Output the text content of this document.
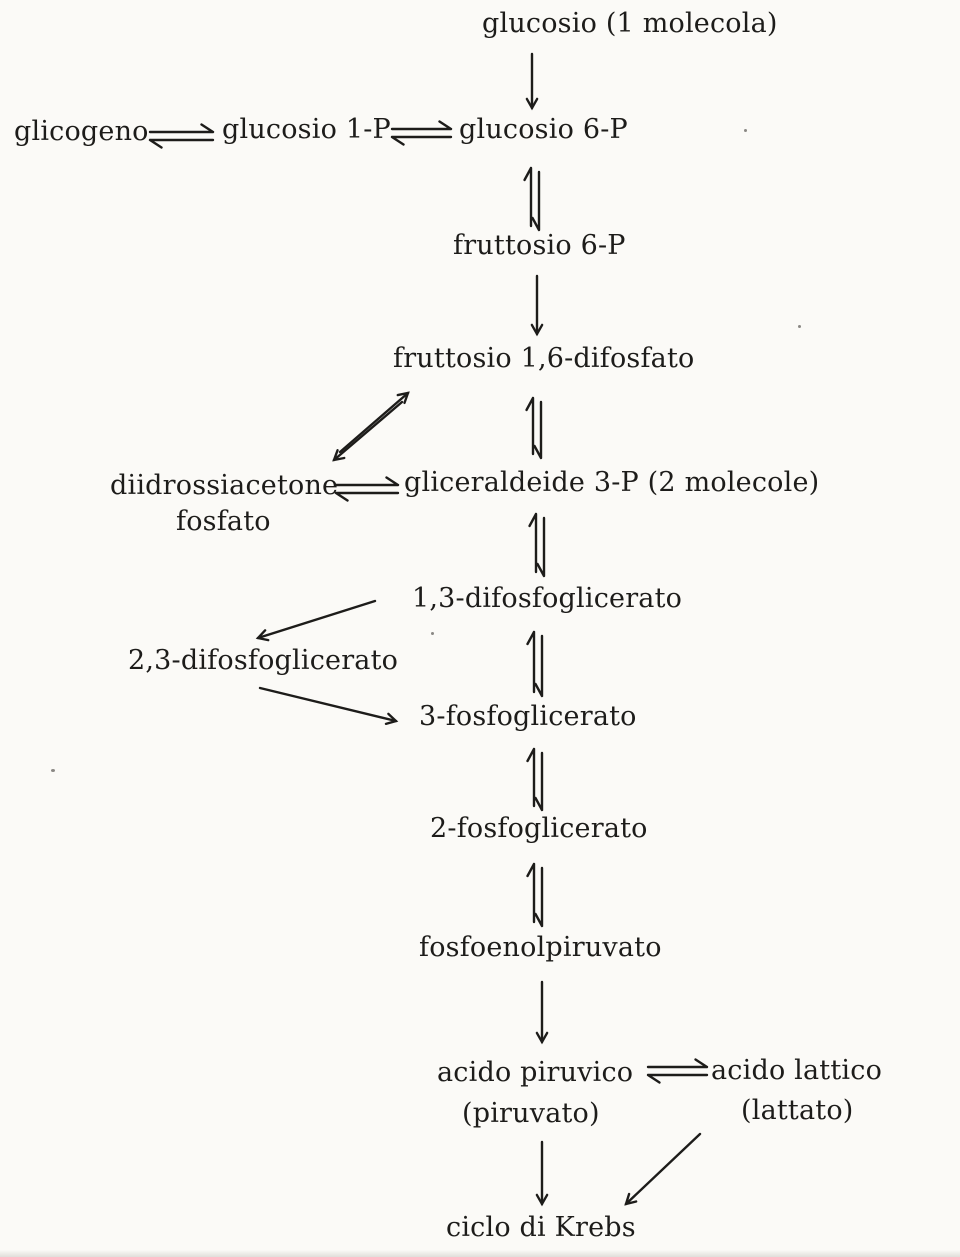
glucosio (1 molecola)
glicogeno	glucosio 1-P	glucosio 6-P
fruttosio 6-P
fruttosio 1,6-difosfato
diidrossiacetone
fosfato
gliceraldeide 3-P (2 molecole)
1,3-difosfoglicerato
2,3-difosfoglicerato
3-fosfoglicerato
2-fosfoglicerato
fosfoenolpiruvato
acido piruvico	acido lattico
(piruvato)	(lattato)
ciclo di Krebs
